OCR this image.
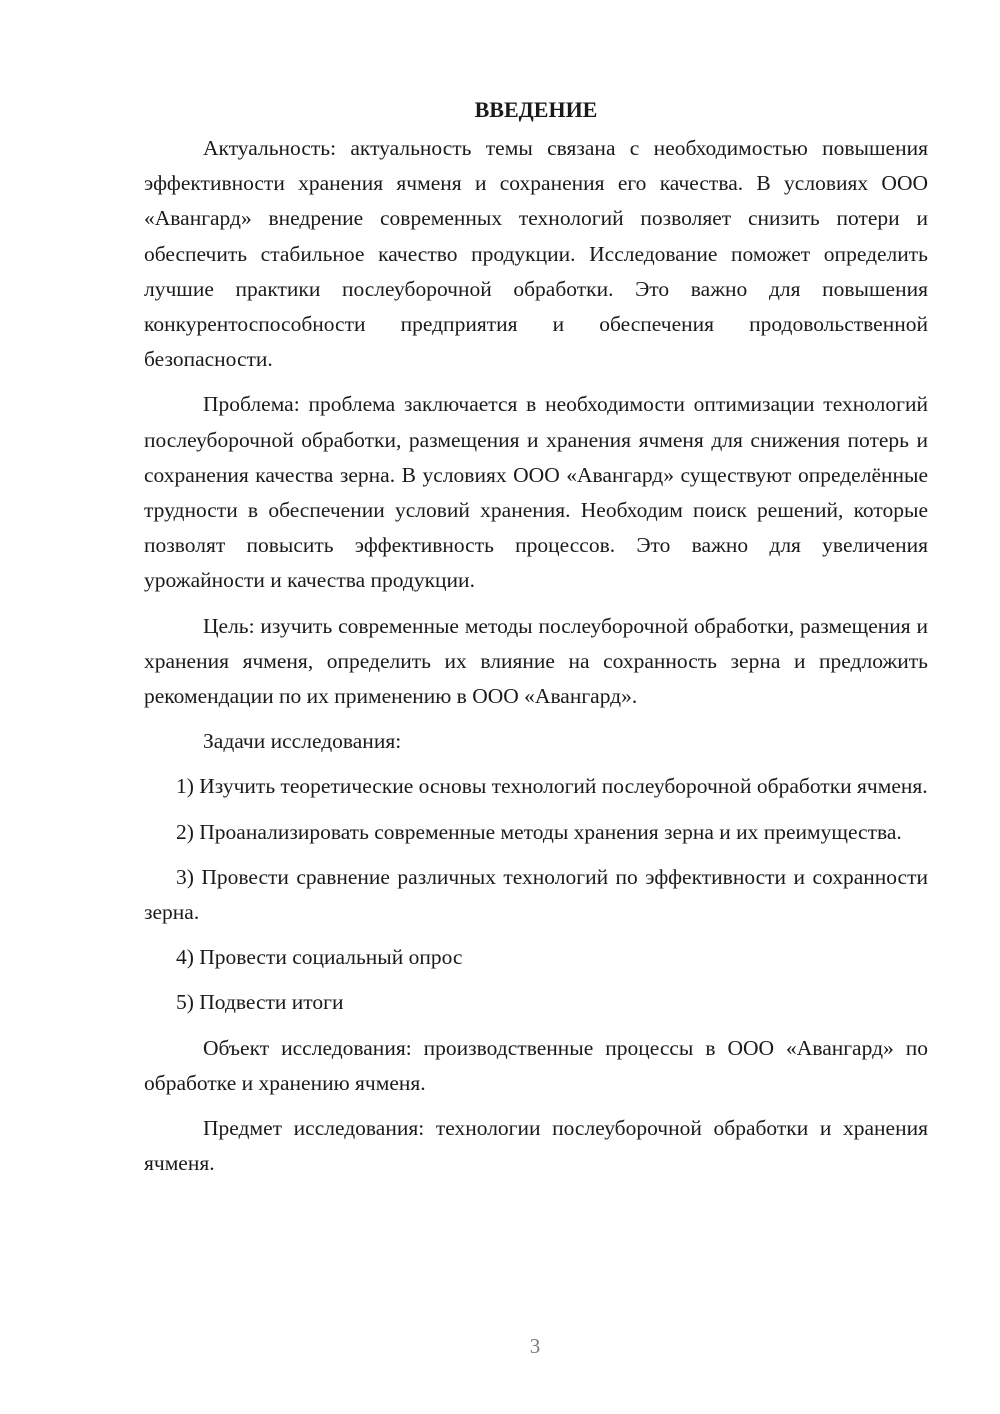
ВВЕДЕНИЕ

Актуальность: актуальность темы связана с необходимостью повышения эффективности хранения ячменя и сохранения его качества. В условиях ООО «Авангард» внедрение современных технологий позволяет снизить потери и обеспечить стабильное качество продукции. Исследование поможет определить лучшие практики послеуборочной обработки. Это важно для повышения конкурентоспособности предприятия и обеспечения продовольственной безопасности.

Проблема: проблема заключается в необходимости оптимизации технологий послеуборочной обработки, размещения и хранения ячменя для снижения потерь и сохранения качества зерна. В условиях ООО «Авангард» существуют определённые трудности в обеспечении условий хранения. Необходим поиск решений, которые позволят повысить эффективность процессов. Это важно для увеличения урожайности и качества продукции.

Цель: изучить современные методы послеуборочной обработки, размещения и хранения ячменя, определить их влияние на сохранность зерна и предложить рекомендации по их применению в ООО «Авангард».

Задачи исследования:

1) Изучить теоретические основы технологий послеуборочной обработки ячменя.

2) Проанализировать современные методы хранения зерна и их преимущества.

3) Провести сравнение различных технологий по эффективности и сохранности зерна.

4) Провести социальный опрос

5) Подвести итоги

Объект исследования: производственные процессы в ООО «Авангард» по обработке и хранению ячменя.

Предмет исследования: технологии послеуборочной обработки и хранения ячменя.

3
